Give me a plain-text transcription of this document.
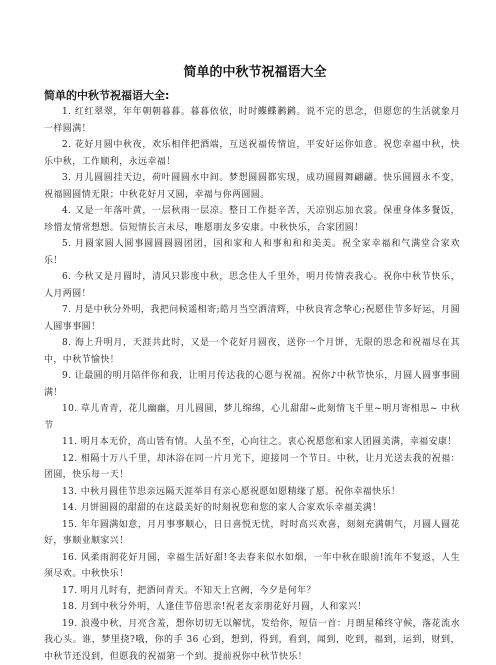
简单的中秋节祝福语大全
简单的中秋节祝福语大全:

1. 红红翠翠，年年朝朝暮暮。暮暮依依，时时鲽鲽鹣鹣。说不完的思念，但愿您的生活就象月一样圆满！

2. 花好月圆中秋夜，欢乐相伴把酒端，互送祝福传情谊，平安好运你如意。祝您幸福中秋，快乐中秋，工作顺利，永远幸福！

3. 月儿圆圆挂天边，荷叶圆圆水中间。梦想圆圆都实现，成功圆圆舞翩翩。快乐圆圆永不变，祝福圆圆情无限；中秋花好月又圆，幸福与你两圆圆。

4. 又是一年落叶黄，一层秋雨一层凉。整日工作挺辛苦，天凉别忘加衣裳。保重身体多餐饭，珍惜友情常想想。信短情长言未尽，唯愿朋友多安康。中秋快乐，合家团圆！

5. 月圆家圆人圆事圆圆圆圆团团，国和家和人和事和和和美美。祝全家幸福和气满堂合家欢乐！

6. 今秋又是月圆时，清风只影度中秋，思念佳人千里外，明月传情表我心。祝你中秋节快乐，人月两圆！

7. 月是中秋分外明，我把问候遥相寄;皓月当空洒清辉，中秋良宵念挚心;祝愿佳节多好运，月圆人圆事事圆！

8. 海上升明月，天涯共此时，又是一个花好月圆夜，送你一个月饼，无限的思念和祝福尽在其中，中秋节愉快！

9. 让最圆的明月陪伴你和我，让明月传达我的心愿与祝福。祝你♪中秋节快乐，月圆人圆事事圆满！

10. 草儿青青，花儿幽幽，月儿圆圆，梦儿绵绵，心儿甜甜~此刻情飞千里~明月寄相思~ 中秋节

11. 明月本无价，高山皆有情。人虽不至，心向往之。衷心祝愿您和家人团圆美满，幸福安康！

12. 相隔十万八千里，却沐浴在同一片月光下，迎接同一个节日。中秋，让月光送去我的祝福：团圆，快乐每一天！

13. 中秋月圆佳节思亲远隔天涯举目有亲心愿祝愿如愿精缘了愿。祝你幸福快乐！

14. 月饼圆圆的甜甜的在这最美好的时刻祝您和您的家人合家欢乐幸福美满！

15. 年年圆满如意，月月事事顺心，日日喜悦无忧，时时高兴欢喜，刻刻充满朝气，月圆人圆花好，事顺业顺家兴！

16. 风柔雨润花好月圆，幸福生活好甜!冬去春来似水如烟，一年中秋在眼前!流年不复返，人生须尽欢。中秋快乐！

17. 明月几时有，把酒问青天。不知天上宫阙，今夕是何年？

18. 月到中秋分外明，人逢佳节倍思亲!祝老友亲朋花好月圆，人和家兴！

19. 浪漫中秋，月亮含羞，想你切切无以解忧，发给你，短信一首：月朗星稀终守候，落花流水我心头。谁，梦里挠?哦，你的手 36 心到，想到，得到，看到，闻到，吃到，福到，运到，财到，中秋节还没到，但愿我的祝福第一个到。提前祝你中秋节快乐！
